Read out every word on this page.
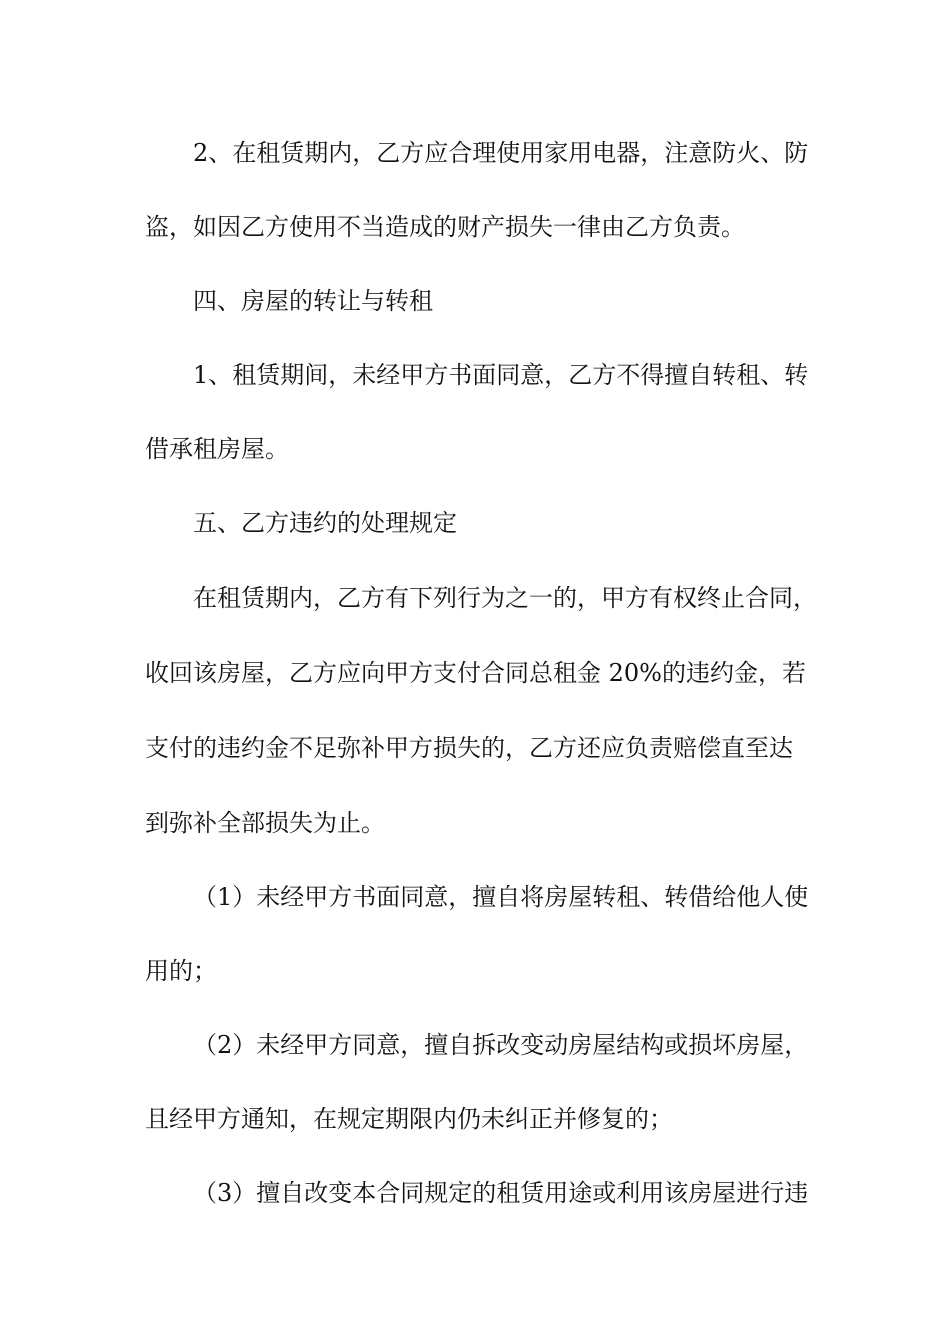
2、在租赁期内，乙方应合理使用家用电器，注意防火、防
盗，如因乙方使用不当造成的财产损失一律由乙方负责。
四、房屋的转让与转租
1、租赁期间，未经甲方书面同意，乙方不得擅自转租、转
借承租房屋。
五、乙方违约的处理规定
在租赁期内，乙方有下列行为之一的，甲方有权终止合同，
收回该房屋，乙方应向甲方支付合同总租金 20%的违约金，若
支付的违约金不足弥补甲方损失的，乙方还应负责赔偿直至达
到弥补全部损失为止。
（1）未经甲方书面同意，擅自将房屋转租、转借给他人使
用的；
（2）未经甲方同意，擅自拆改变动房屋结构或损坏房屋，
且经甲方通知，在规定期限内仍未纠正并修复的；
（3）擅自改变本合同规定的租赁用途或利用该房屋进行违
